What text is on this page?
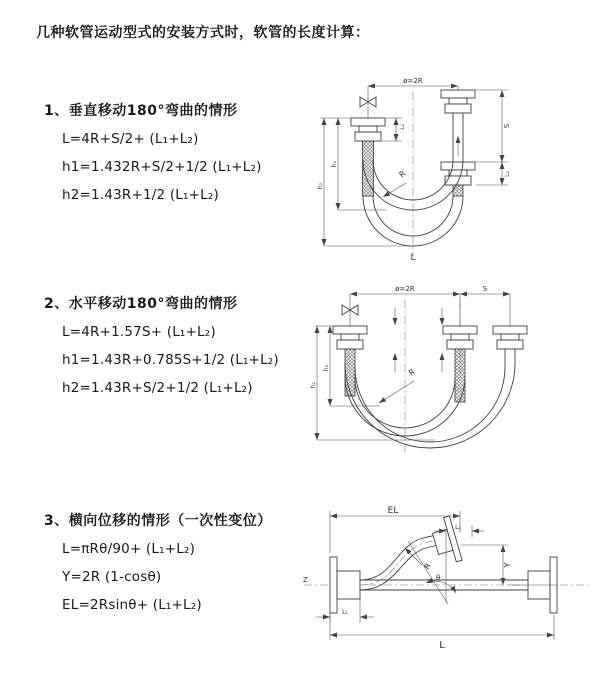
几种软管运动型式的安装方式时，软管的长度计算：
1、垂直移动180°弯曲的情形
L=4R+S/2+ (L₁+L₂)
h1=1.432R+S/2+1/2 (L₁+L₂)
h2=1.43R+1/2 (L₁+L₂)
ø=2R
R
L₁
h₁
h₂
S
L₂
L
2、水平移动180°弯曲的情形
L=4R+1.57S+ (L₁+L₂)
h1=1.43R+0.785S+1/2 (L₁+L₂)
h2=1.43R+S/2+1/2 (L₁+L₂)
ø=2R	S
R
h₁
h₂
3、横向位移的情形（一次性变位）
L=πRθ/90+ (L₁+L₂)
Y=2R (1-cosθ)
EL=2Rsinθ+ (L₁+L₂)
Z
EL
L₂
Y
θ
R
L₁
L
